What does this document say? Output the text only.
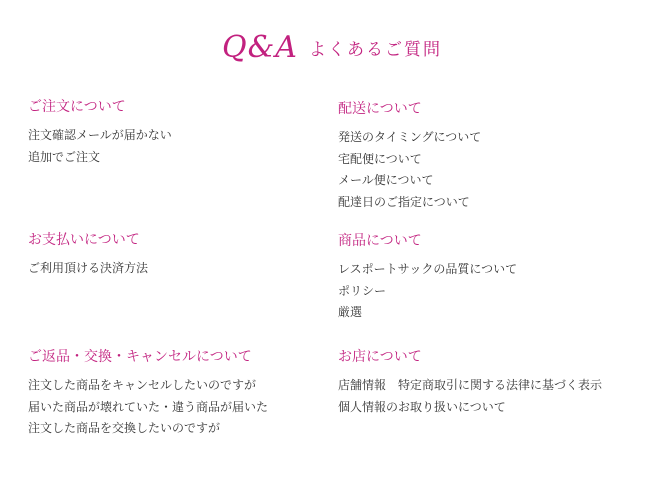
Q&A よくあるご質問
ご注文について
注文確認メールが届かない
追加でご注文
配送について
発送のタイミングについて
宅配便について
メール便について
配達日のご指定について
お支払いについて
ご利用頂ける決済方法
商品について
レスポートサックの品質について
ポリシー
厳選
ご返品・交換・キャンセルについて
注文した商品をキャンセルしたいのですが
届いた商品が壊れていた・違う商品が届いた
注文した商品を交換したいのですが
お店について
店舗情報　特定商取引に関する法律に基づく表示
個人情報のお取り扱いについて
